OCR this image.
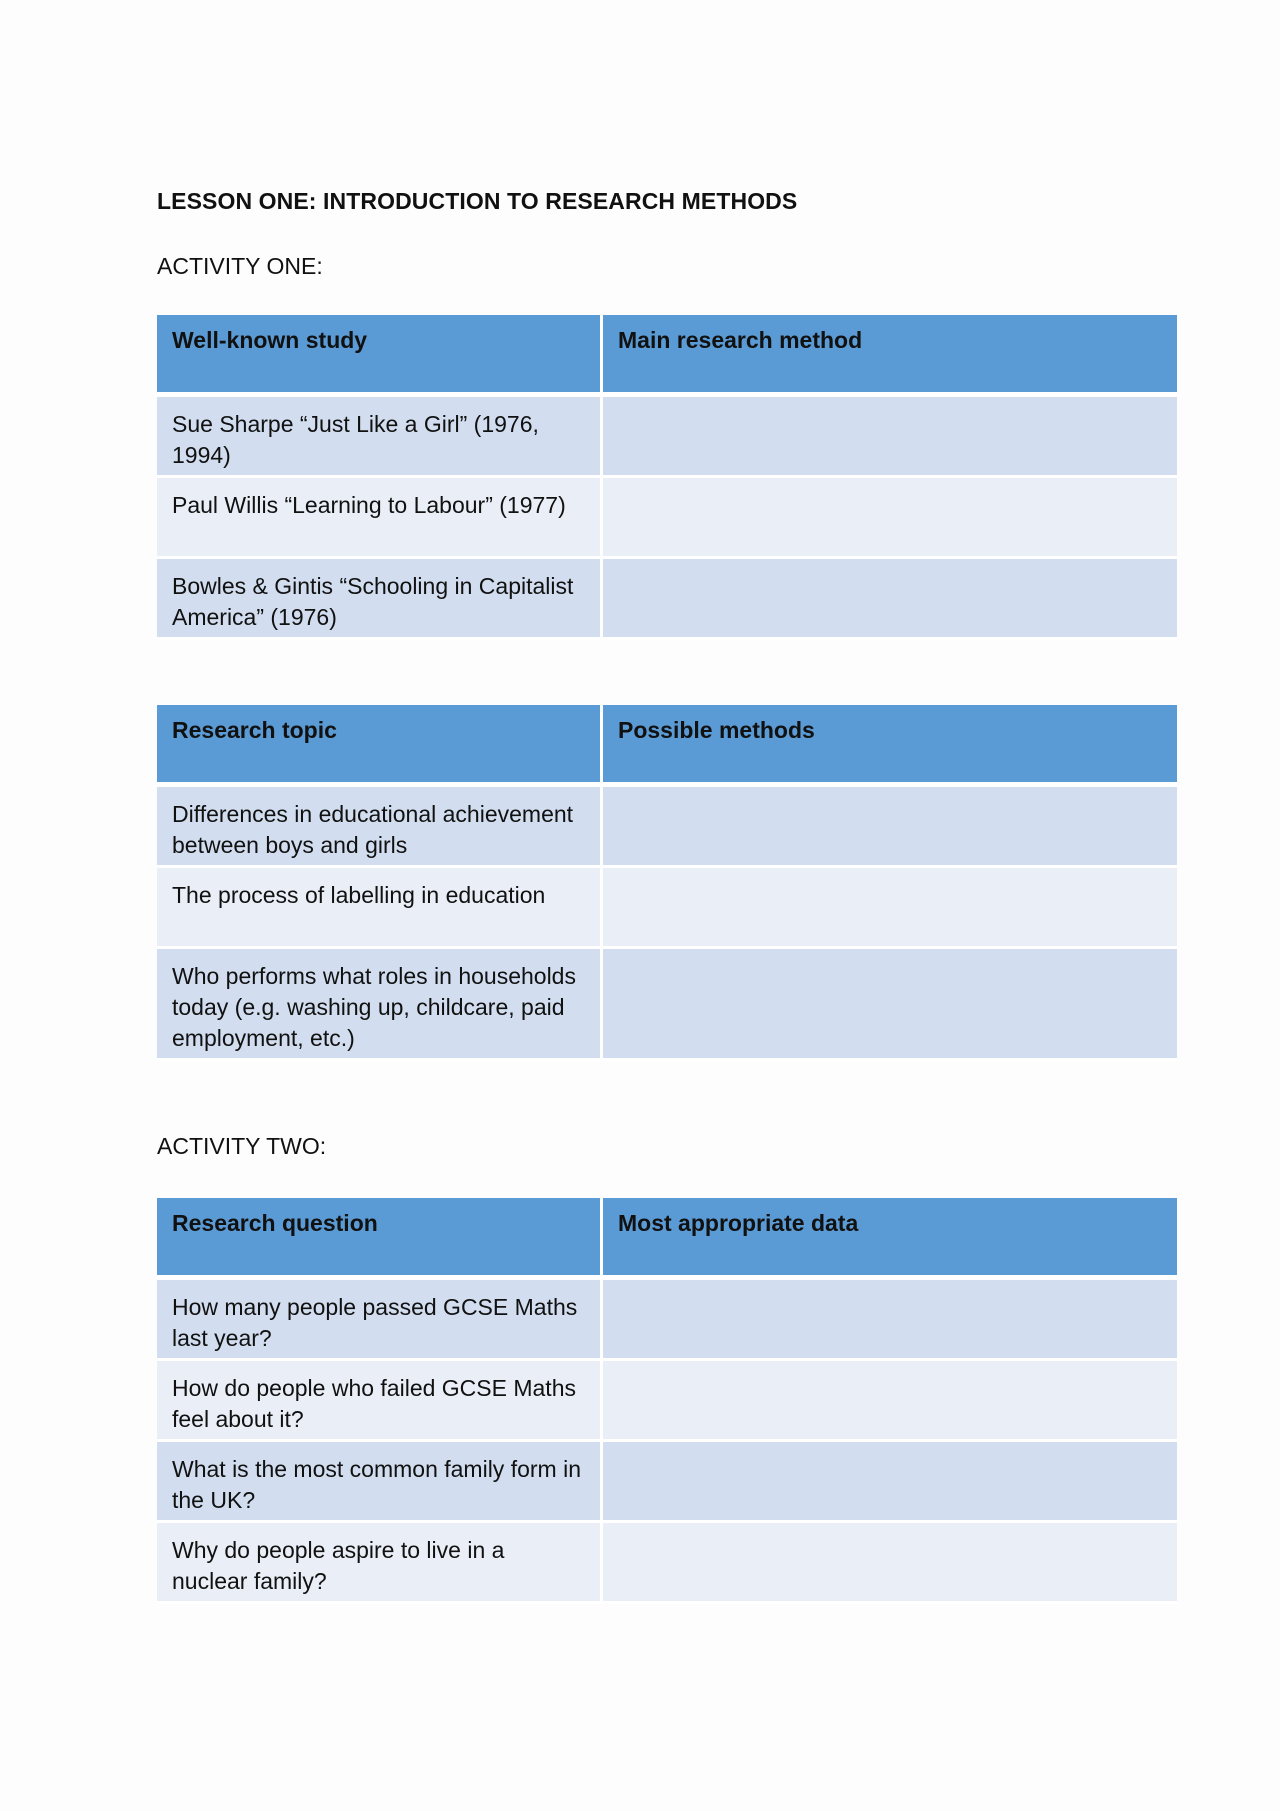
LESSON ONE: INTRODUCTION TO RESEARCH METHODS

ACTIVITY ONE:

Well-known study	Main research method
Sue Sharpe “Just Like a Girl” (1976, 1994)	
Paul Willis “Learning to Labour” (1977)	
Bowles & Gintis “Schooling in Capitalist America” (1976)	
Research topic	Possible methods
Differences in educational achievement between boys and girls	
The process of labelling in education	
Who performs what roles in households today (e.g. washing up, childcare, paid employment, etc.)	

ACTIVITY TWO:

Research question	Most appropriate data
How many people passed GCSE Maths last year?	
How do people who failed GCSE Maths feel about it?	
What is the most common family form in the UK?	
Why do people aspire to live in a nuclear family?	
